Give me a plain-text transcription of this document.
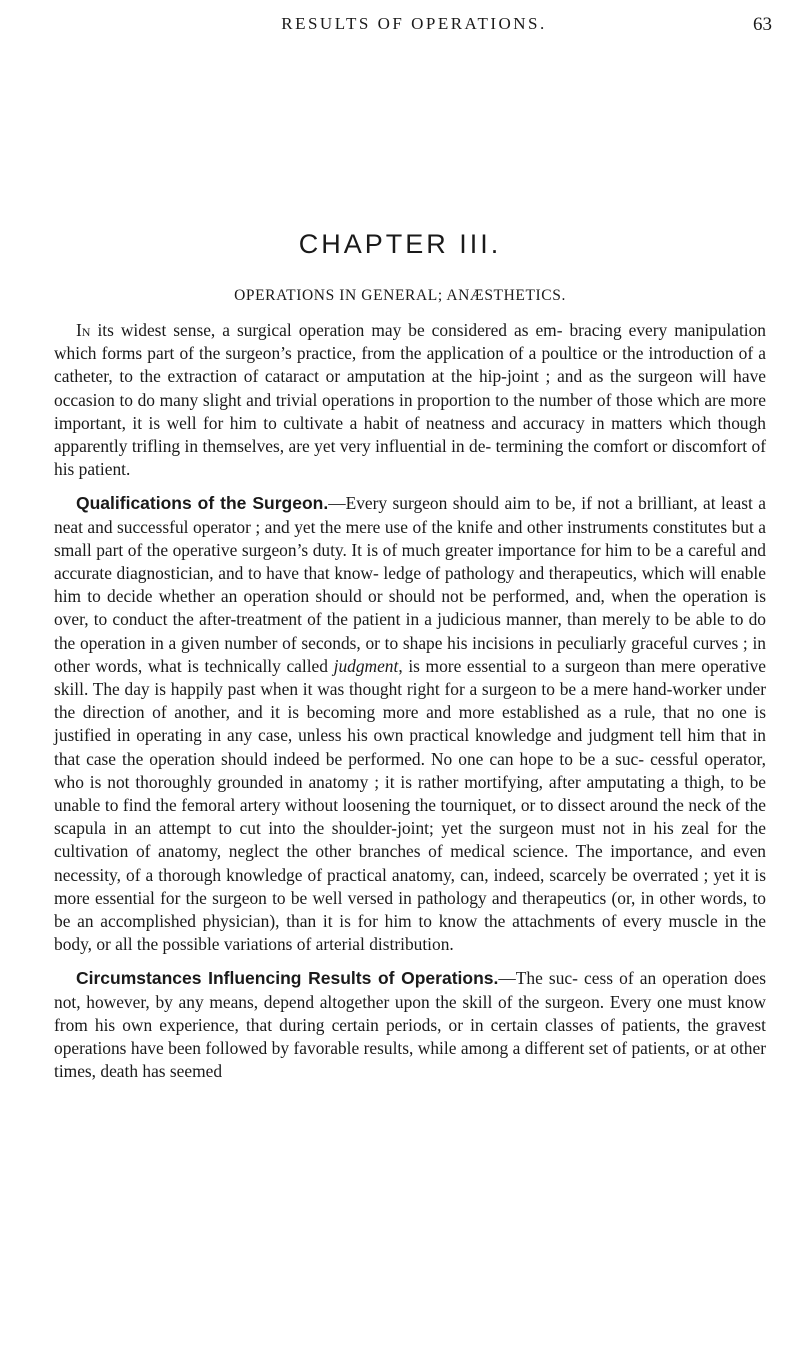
RESULTS OF OPERATIONS.	63
CHAPTER III.
OPERATIONS IN GENERAL; ANÆSTHETICS.

In its widest sense, a surgical operation may be considered as em- bracing every manipulation which forms part of the surgeon’s practice, from the application of a poultice or the introduction of a catheter, to the extraction of cataract or amputation at the hip-joint ; and as the surgeon will have occasion to do many slight and trivial operations in proportion to the number of those which are more important, it is well for him to cultivate a habit of neatness and accuracy in matters which though apparently trifling in themselves, are yet very influential in de- termining the comfort or discomfort of his patient.

Qualifications of the Surgeon.—Every surgeon should aim to be, if not a brilliant, at least a neat and successful operator ; and yet the mere use of the knife and other instruments constitutes but a small part of the operative surgeon’s duty. It is of much greater importance for him to be a careful and accurate diagnostician, and to have that know- ledge of pathology and therapeutics, which will enable him to decide whether an operation should or should not be performed, and, when the operation is over, to conduct the after-treatment of the patient in a judicious manner, than merely to be able to do the operation in a given number of seconds, or to shape his incisions in peculiarly graceful curves ; in other words, what is technically called judgment, is more essential to a surgeon than mere operative skill. The day is happily past when it was thought right for a surgeon to be a mere hand-worker under the direction of another, and it is becoming more and more established as a rule, that no one is justified in operating in any case, unless his own practical knowledge and judgment tell him that in that case the operation should indeed be performed. No one can hope to be a suc- cessful operator, who is not thoroughly grounded in anatomy ; it is rather mortifying, after amputating a thigh, to be unable to find the femoral artery without loosening the tourniquet, or to dissect around the neck of the scapula in an attempt to cut into the shoulder-joint; yet the surgeon must not in his zeal for the cultivation of anatomy, neglect the other branches of medical science. The importance, and even necessity, of a thorough knowledge of practical anatomy, can, indeed, scarcely be overrated ; yet it is more essential for the surgeon to be well versed in pathology and therapeutics (or, in other words, to be an accomplished physician), than it is for him to know the attachments of every muscle in the body, or all the possible variations of arterial distribution.

Circumstances Influencing Results of Operations.—The suc- cess of an operation does not, however, by any means, depend altogether upon the skill of the surgeon. Every one must know from his own experience, that during certain periods, or in certain classes of patients, the gravest operations have been followed by favorable results, while among a different set of patients, or at other times, death has seemed
